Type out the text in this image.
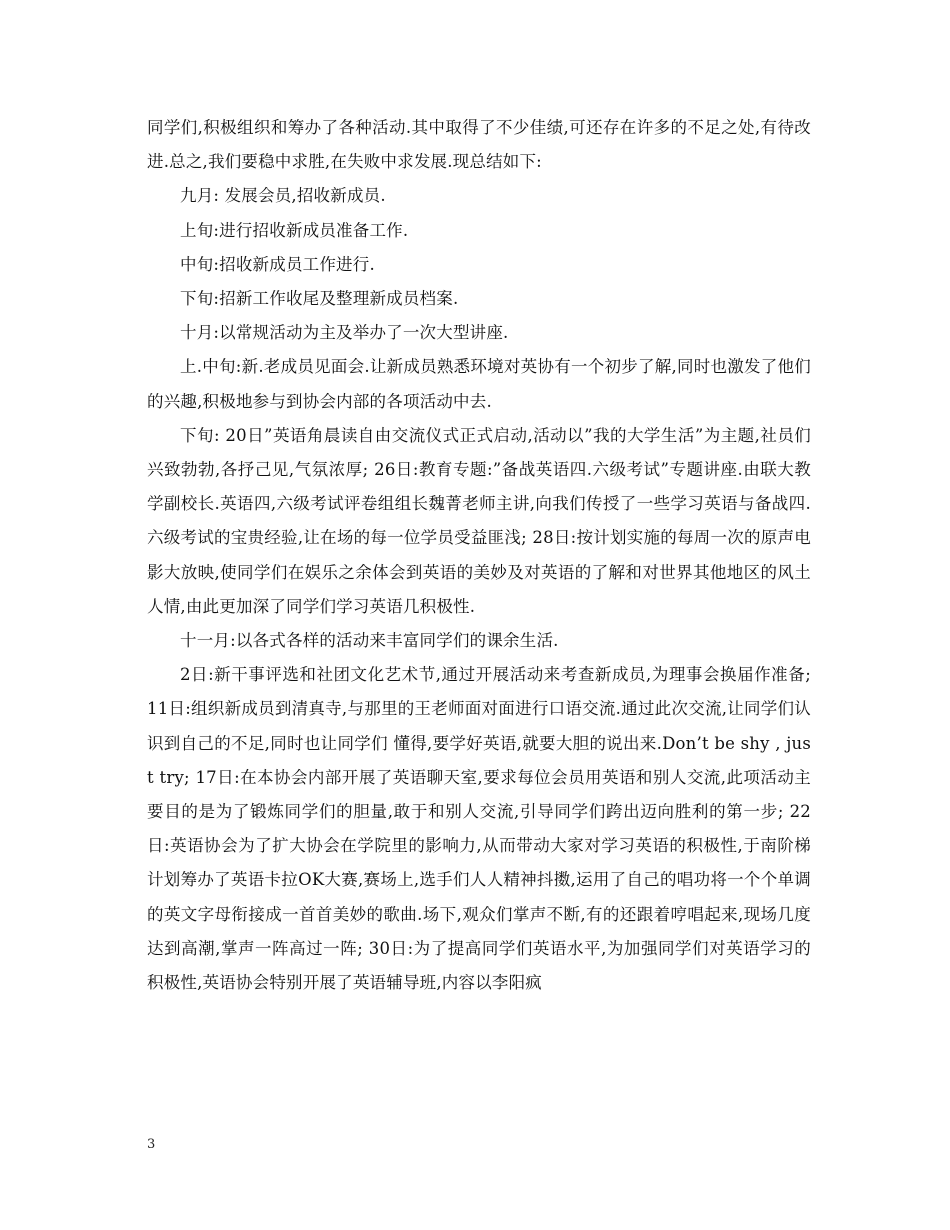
同学们,积极组织和筹办了各种活动.其中取得了不少佳绩,可还存在许多的不足之处,有待改进.总之,我们要稳中求胜,在失败中求发展.现总结如下:

九月: 发展会员,招收新成员.

上旬:进行招收新成员准备工作.

中旬:招收新成员工作进行.

下旬:招新工作收尾及整理新成员档案.

十月:以常规活动为主及举办了一次大型讲座.

上.中旬:新.老成员见面会.让新成员熟悉环境对英协有一个初步了解,同时也激发了他们的兴趣,积极地参与到协会内部的各项活动中去.

下旬: 20日”英语角晨读自由交流仪式正式启动,活动以”我的大学生活”为主题,社员们兴致勃勃,各抒己见,气氛浓厚; 26日:教育专题:”备战英语四.六级考试”专题讲座.由联大教学副校长.英语四,六级考试评卷组组长魏菁老师主讲,向我们传授了一些学习英语与备战四.六级考试的宝贵经验,让在场的每一位学员受益匪浅; 28日:按计划实施的每周一次的原声电影大放映,使同学们在娱乐之余体会到英语的美妙及对英语的了解和对世界其他地区的风土人情,由此更加深了同学们学习英语几积极性.

十一月:以各式各样的活动来丰富同学们的课余生活.

2日:新干事评选和社团文化艺术节,通过开展活动来考查新成员,为理事会换届作准备; 11日:组织新成员到清真寺,与那里的王老师面对面进行口语交流.通过此次交流,让同学们认识到自己的不足,同时也让同学们 懂得,要学好英语,就要大胆的说出来.Don’t be shy , just try; 17日:在本协会内部开展了英语聊天室,要求每位会员用英语和别人交流,此项活动主要目的是为了锻炼同学们的胆量,敢于和别人交流,引导同学们跨出迈向胜利的第一步; 22日:英语协会为了扩大协会在学院里的影响力,从而带动大家对学习英语的积极性,于南阶梯计划筹办了英语卡拉OK大赛,赛场上,选手们人人精神抖擞,运用了自己的唱功将一个个单调的英文字母衔接成一首首美妙的歌曲.场下,观众们掌声不断,有的还跟着哼唱起来,现场几度达到高潮,掌声一阵高过一阵; 30日:为了提高同学们英语水平,为加强同学们对英语学习的积极性,英语协会特别开展了英语辅导班,内容以李阳疯

3
